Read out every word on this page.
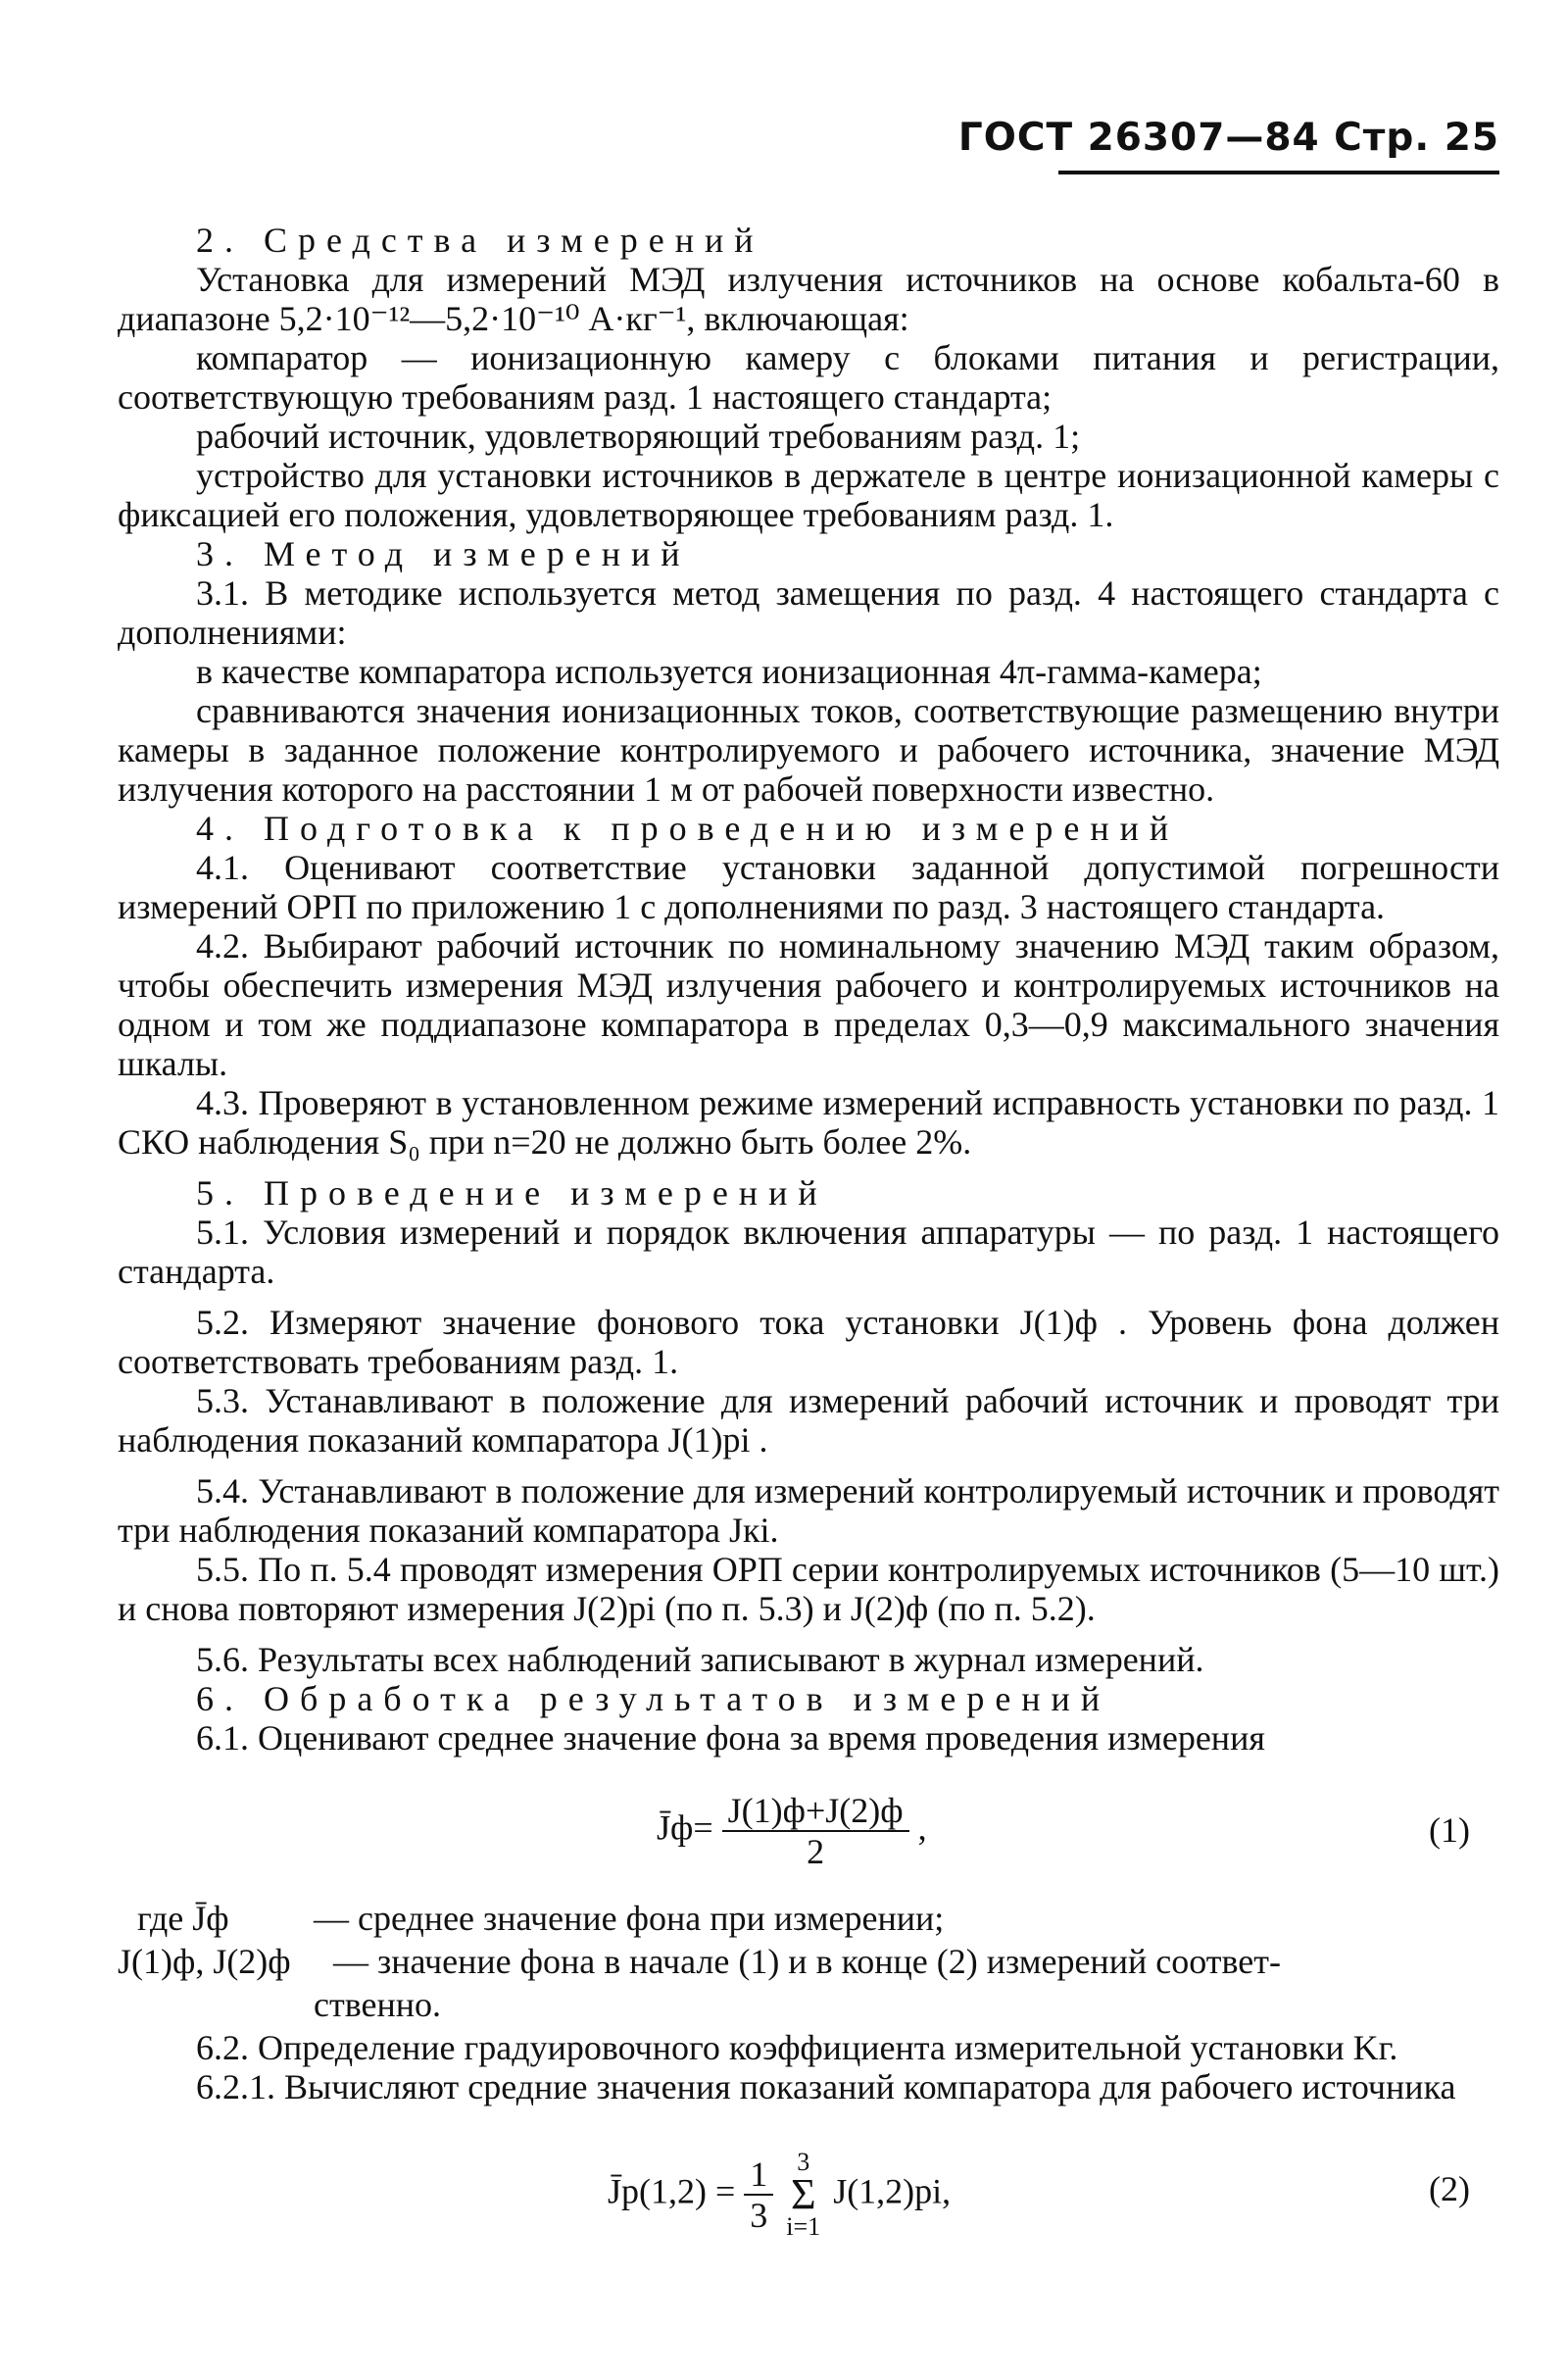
ГОСТ 26307—84 Стр. 25
2. Средства измерений
Установка для измерений МЭД излучения источников на основе кобальта-60 в диапазоне 5,2·10⁻¹²—5,2·10⁻¹⁰ А·кг⁻¹, включающая:
компаратор — ионизационную камеру с блоками питания и регистрации, соответствующую требованиям разд. 1 настоящего стандарта;
рабочий источник, удовлетворяющий требованиям разд. 1;
устройство для установки источников в держателе в центре ионизационной камеры с фиксацией его положения, удовлетворяющее требованиям разд. 1.
3. Метод измерений
3.1. В методике используется метод замещения по разд. 4 настоящего стандарта с дополнениями:
в качестве компаратора используется ионизационная 4π-гамма-камера;
сравниваются значения ионизационных токов, соответствующие размещению внутри камеры в заданное положение контролируемого и рабочего источника, значение МЭД излучения которого на расстоянии 1 м от рабочей поверхности известно.
4. Подготовка к проведению измерений
4.1. Оценивают соответствие установки заданной допустимой погрешности измерений ОРП по приложению 1 с дополнениями по разд. 3 настоящего стандарта.
4.2. Выбирают рабочий источник по номинальному значению МЭД таким образом, чтобы обеспечить измерения МЭД излучения рабочего и контролируемых источников на одном и том же поддиапазоне компаратора в пределах 0,3—0,9 максимального значения шкалы.
4.3. Проверяют в установленном режиме измерений исправность установки по разд. 1 СКО наблюдения S₀ при n=20 не должно быть более 2%.
5. Проведение измерений
5.1. Условия измерений и порядок включения аппаратуры — по разд. 1 настоящего стандарта.
5.2. Измеряют значение фонового тока установки J(1)ф . Уровень фона должен соответствовать требованиям разд. 1.
5.3. Устанавливают в положение для измерений рабочий источник и проводят три наблюдения показаний компаратора J(1)pi .
5.4. Устанавливают в положение для измерений контролируемый источник и проводят три наблюдения показаний компаратора Jкi.
5.5. По п. 5.4 проводят измерения ОРП серии контролируемых источников (5—10 шт.) и снова повторяют измерения J(2)pi (по п. 5.3) и J(2)ф (по п. 5.2).
5.6. Результаты всех наблюдений записывают в журнал измерений.
6. Обработка результатов измерений
6.1. Оценивают среднее значение фона за время проведения измерения
J̄ф= $\frac{J(1)ф+J(2)ф}{2}$ ,	(1)
где J̄ф — среднее значение фона при измерении;
J(1)ф, J(2)ф — значение фона в начале (1) и в конце (2) измерений соответ-
ственно.
6.2. Определение градуировочного коэффициента измерительной установки Kг.
6.2.1. Вычисляют средние значения показаний компаратора для рабочего источника
J̄p(1,2) = $\frac{1}{3}$
3
Σ
i=1
J(1,2)pi,	(2)
